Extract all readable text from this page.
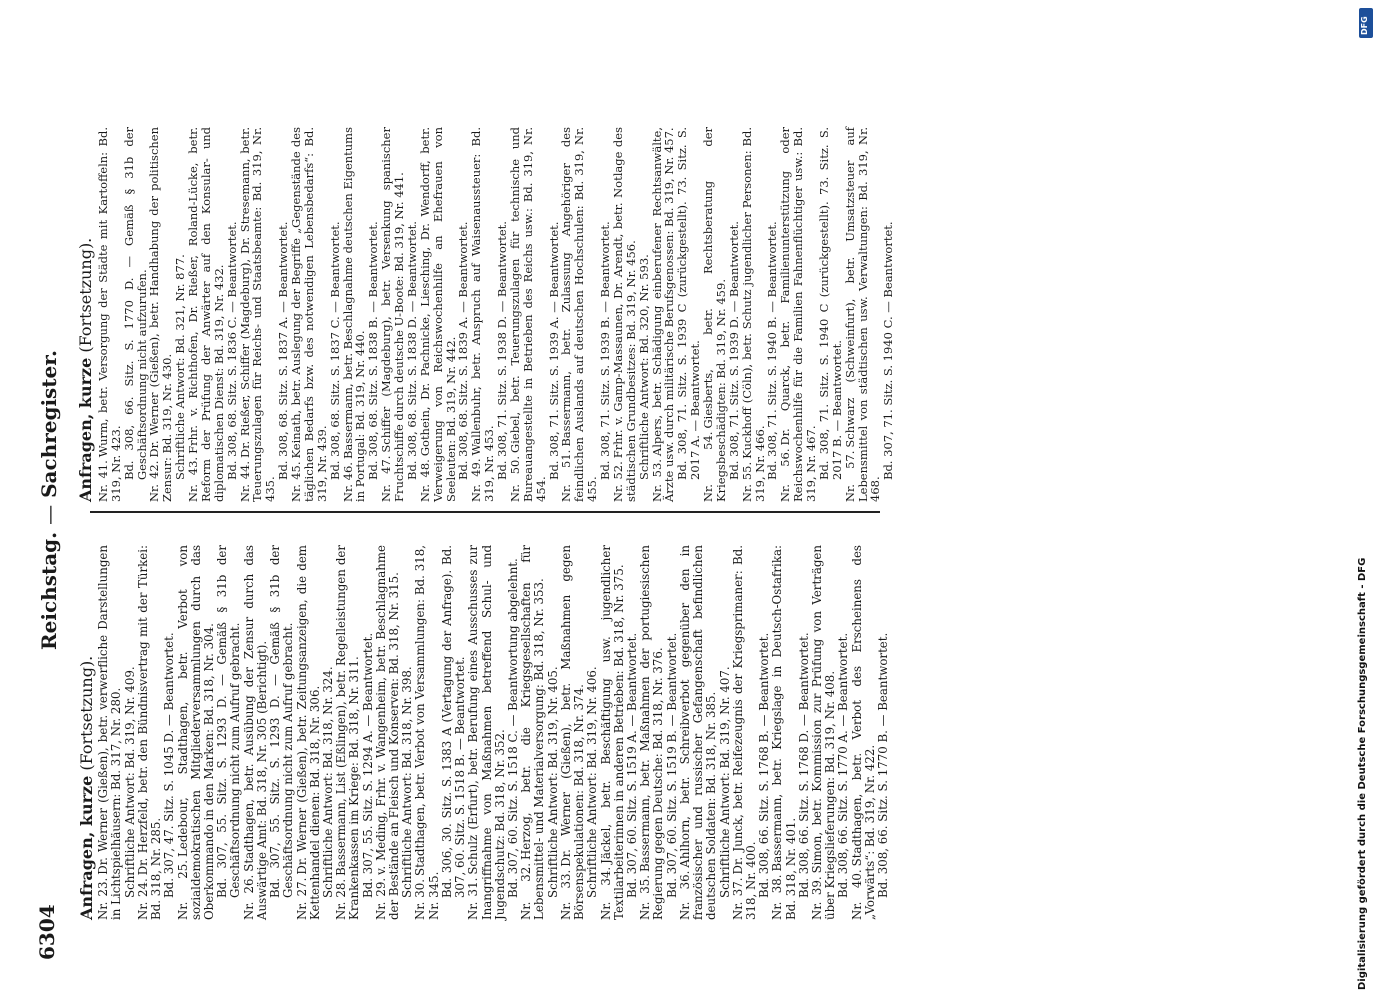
6304
Reichstag. — Sachregister.
Anfragen, kurze (Fortsetzung).

Nr. 23.Dr. Werner (Gießen), betr. verwerfliche Darstellungen in Lichtspielhäusern: Bd. 317, Nr. 280. Schriftliche Antwort: Bd. 319, Nr. 409.

Nr. 24.Dr. Herzfeld, betr. den Bündnisvertrag mit der Türkei: Bd. 318, Nr. 285. Bd. 307, 47. Sitz. S. 1045 D. — Beantwortet. Nr. 25.Ledebour, Stadthagen, betr. Verbot von sozialdemokratischen Mitgliederversammlungen durch das Oberkommando in den Marken: Bd. 318, Nr. 304. Bd. 307, 55. Sitz. S. 1293 D. — Gemäß § 31b der Geschäftsordnung nicht zum Aufruf gebracht. Nr. 26.Stadthagen, betr. Ausübung der Zensur durch das Auswärtige Amt: Bd. 318, Nr. 305 (Berichtigt). Bd. 307, 55. Sitz. S. 1293 D. — Gemäß § 31b der Geschäftsordnung nicht zum Aufruf gebracht.

Nr. 27.Dr. Werner (Gießen), betr. Zeitungsanzeigen, die dem Kettenhandel dienen: Bd. 318, Nr. 306. Schriftliche Antwort: Bd. 318, Nr. 324.

Nr. 28.Bassermann, List (Eßlingen), betr. Regelleistungen der Krankenkassen im Kriege: Bd. 318, Nr. 311. Bd. 307, 55. Sitz. S. 1294 A. — Beantwortet.

Nr. 29.v. Meding, Frhr. v. Wangenheim, betr. Beschlagnahme der Bestände an Fleisch und Konserven: Bd. 318, Nr. 315. Schriftliche Antwort: Bd. 318, Nr. 398.

Nr. 30.Stadthagen, betr. Verbot von Versammlungen: Bd. 318, Nr. 345. Bd. 306, 30. Sitz. S. 1383 A (Vertagung der Anfrage). Bd. 307, 60. Sitz. S. 1518 B. — Beantwortet.

Nr. 31.Schulz (Erfurt), betr. Berufung eines Ausschusses zur Inangriffnahme von Maßnahmen betreffend Schul- und Jugendschutz: Bd. 318, Nr. 352. Bd. 307, 60. Sitz. S. 1518 C. — Beantwortung abgelehnt. Nr. 32.Herzog, betr. die Kriegsgesellschaften für Lebensmittel- und Materialversorgung: Bd. 318, Nr. 353. Schriftliche Antwort: Bd. 319, Nr. 405. Nr. 33.Dr. Werner (Gießen), betr. Maßnahmen gegen Börsenspekulationen: Bd. 318, Nr. 374. Schriftliche Antwort: Bd. 319, Nr. 406. Nr. 34.Jäckel, betr. Beschäftigung usw. jugendlicher Textilarbeiterinnen in anderen Betrieben: Bd. 318, Nr. 375. Bd. 307, 60. Sitz. S. 1519 A. — Beantwortet. Nr. 35.Bassermann, betr. Maßnahmen der portugiesischen Regierung gegen Deutsche: Bd. 318, Nr. 376. Bd. 307, 60. Sitz. S. 1519 B. — Beantwortet. Nr. 36.Ahlhorn, betr. Schreibverbot gegenüber den in französischer und russischer Gefangenschaft befindlichen deutschen Soldaten: Bd. 318, Nr. 385. Schriftliche Antwort: Bd. 319, Nr. 407.

Nr. 37.Dr. Junck, betr. Reifezeugnis der Kriegsprimaner: Bd. 318, Nr. 400. Bd. 308, 66. Sitz. S. 1768 B. — Beantwortet. Nr. 38.Bassermann, betr. Kriegslage in Deutsch-Ostafrika: Bd. 318, Nr. 401. Bd. 308, 66. Sitz. S. 1768 D. — Beantwortet.

Nr. 39.Simon, betr. Kommission zur Prüfung von Verträgen über Kriegslieferungen: Bd. 319, Nr. 408. Bd. 308, 66. Sitz. S. 1770 A. — Beantwortet. Nr. 40.Stadthagen, betr. Verbot des Erscheinens des „Vorwärts“: Bd. 319, Nr. 422. Bd. 308, 66. Sitz. S. 1770 B. — Beantwortet.

Anfragen, kurze (Fortsetzung).

Nr. 41.Wurm, betr. Versorgung der Städte mit Kartoffeln: Bd. 319, Nr. 423.
Bd. 308, 66. Sitz. S. 1770 D. — Gemäß § 31b der Geschäftsordnung nicht aufzurufen.

Nr. 42.Dr. Werner (Gießen), betr. Handhabung der politischen Zensur: Bd. 319, Nr. 430.
Schriftliche Antwort: Bd. 321, Nr. 877.

Nr. 43.Frhr. v. Richthofen, Dr. Rießer, Roland-Lücke, betr. Reform der Prüfung der Anwärter auf den Konsular- und diplomatischen Dienst: Bd. 319, Nr. 432.
Bd. 308, 68. Sitz. S. 1836 C. — Beantwortet.

Nr. 44.Dr. Rießer, Schiffer (Magdeburg), Dr. Stresemann, betr. Teuerungszulagen für Reichs- und Staatsbeamte: Bd. 319, Nr. 435.
Bd. 308, 68. Sitz. S. 1837 A. — Beantwortet.

Nr. 45.Keinath, betr. Auslegung der Begriffe „Gegenstände des täglichen Bedarfs bzw. des notwendigen Lebensbedarfs“: Bd. 319, Nr. 439.
Bd. 308, 68. Sitz. S. 1837 C. — Beantwortet.

Nr. 46.Bassermann, betr. Beschlagnahme deutschen Eigentums in Portugal: Bd. 319, Nr. 440.
Bd. 308, 68. Sitz. S. 1838 B. — Beantwortet.

Nr. 47.Schiffer (Magdeburg), betr. Versenkung spanischer Fruchtschiffe durch deutsche U-Boote: Bd. 319, Nr. 441.
Bd. 308, 68. Sitz. S. 1838 D. — Beantwortet.

Nr. 48.Gothein, Dr. Pachnicke, Liesching, Dr. Wendorff, betr. Verweigerung von Reichswochenhilfe an Ehefrauen von Seeleuten: Bd. 319, Nr. 442.
Bd. 308, 68. Sitz. S. 1839 A. — Beantwortet.

Nr. 49.Wallenbuhr, betr. Anspruch auf Waisenaussteuer: Bd. 319, Nr. 453.
Bd. 308, 71. Sitz. S. 1938 D. — Beantwortet.

Nr. 50.Giebel, betr. Teuerungszulagen für technische und Bureauangestellte in Betrieben des Reichs usw.: Bd. 319, Nr. 454.
Bd. 308, 71. Sitz. S. 1939 A. — Beantwortet.

Nr. 51.Bassermann, betr. Zulassung Angehöriger des feindlichen Auslands auf deutschen Hochschulen: Bd. 319, Nr. 455.
Bd. 308, 71. Sitz. S. 1939 B. — Beantwortet.

Nr. 52.Frhr. v. Gamp-Massaunen, Dr. Arendt, betr. Notlage des städtischen Grundbesitzes: Bd. 319, Nr. 456.
Schriftliche Antwort: Bd. 320, Nr. 593.

Nr. 53.Alpers, betr. Schädigung einberufener Rechtsanwälte, Ärzte usw. durch militärische Berufsgenossen: Bd. 319, Nr. 457.
Bd. 308, 71. Sitz. S. 1939 C (zurückgestellt). 73. Sitz. S. 2017 A. — Beantwortet.

Nr. 54.Giesberts, betr. Rechtsberatung der Kriegsbeschädigten: Bd. 319, Nr. 459.
Bd. 308, 71. Sitz. S. 1939 D. — Beantwortet.

Nr. 55.Kuckhoff (Cöln), betr. Schutz jugendlicher Personen: Bd. 319, Nr. 466.
Bd. 308, 71. Sitz. S. 1940 B. — Beantwortet.

Nr. 56.Dr. Quarck, betr. Familienunterstützung oder Reichswochenhilfe für die Familien Fahnenflüchtiger usw.: Bd. 319, Nr. 467.
Bd. 308, 71. Sitz. S. 1940 C (zurückgestellt). 73. Sitz. S. 2017 B. — Beantwortet.

Nr. 57.Schwarz (Schweinfurt), betr. Umsatzsteuer auf Lebensmittel von städtischen usw. Verwaltungen: Bd. 319, Nr. 468.
Bd. 307, 71. Sitz. S. 1940 C. — Beantwortet.

Digitalisierung gefördert durch die Deutsche Forschungsgemeinschaft - DFG
DFG
